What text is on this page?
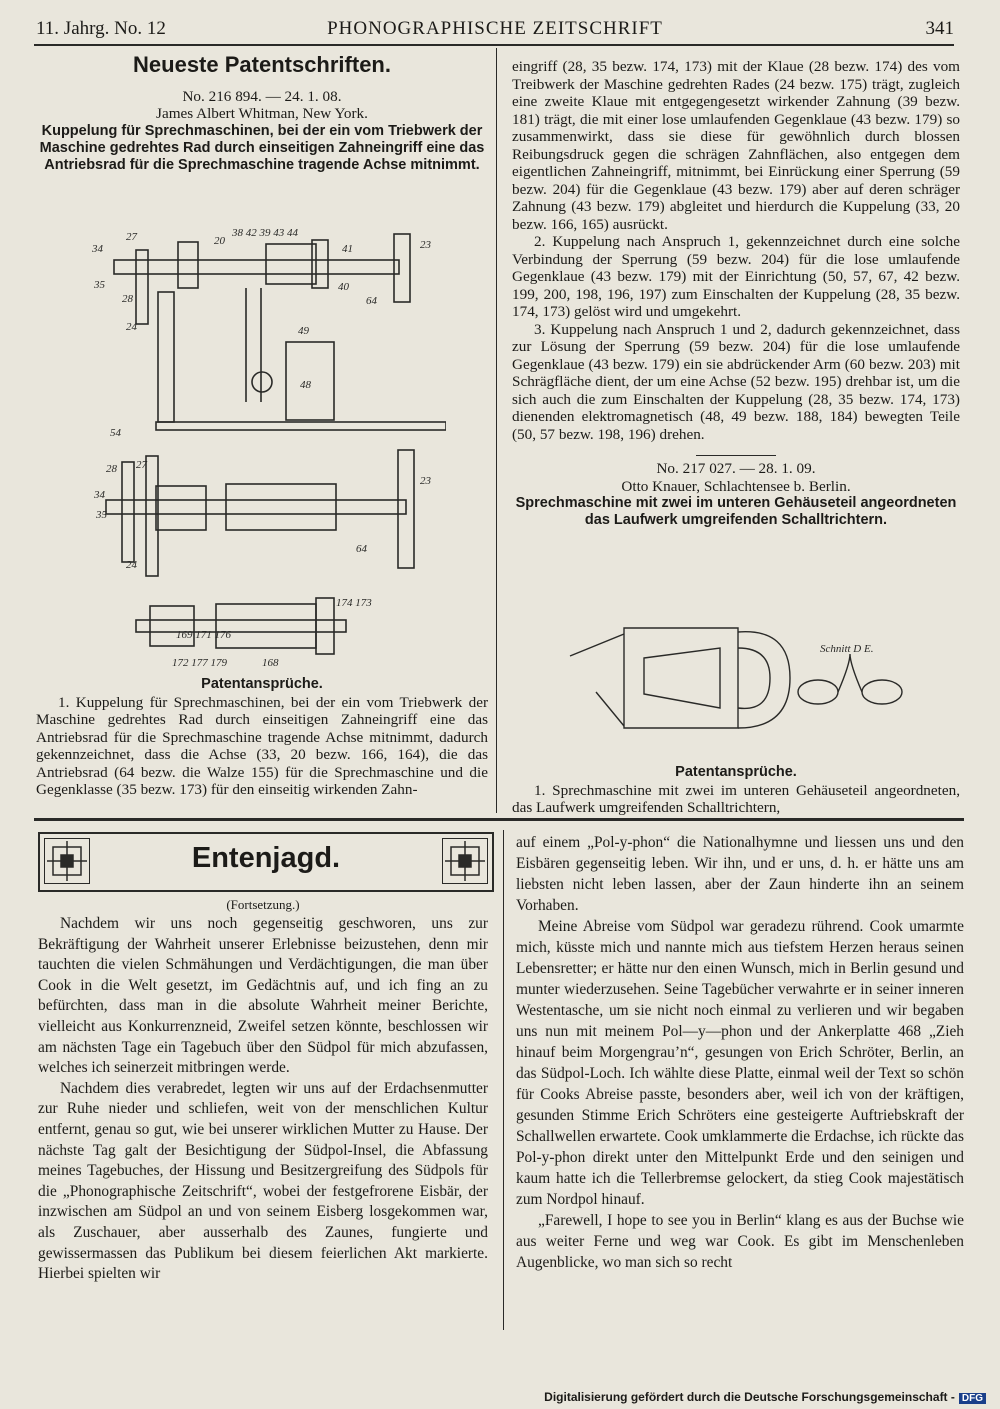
11. Jahrg. No. 12	PHONOGRAPHISCHE ZEITSCHRIFT	341
Neueste Patentschriften.
No. 216 894. — 24. 1. 08.
James Albert Whitman, New York.
Kuppelung für Sprechmaschinen, bei der ein vom Triebwerk der Maschine gedrehtes Rad durch einseitigen Zahneingriff eine das Antriebsrad für die Sprechmaschine tragende Achse mitnimmt.
34
27	20
38 42 39 43 44
41	23
35
28
40
64
24	49
48
54
28 27
23
34
35
24
64
169 171 176
174 173
172 177 179	168
Patentansprüche.

1. Kuppelung für Sprechmaschinen, bei der ein vom Triebwerk der Maschine gedrehtes Rad durch einseitigen Zahneingriff eine das Antriebsrad für die Sprechmaschine tragende Achse mitnimmt, dadurch gekennzeichnet, dass die Achse (33, 20 bezw. 166, 164), die das Antriebsrad (64 bezw. die Walze 155) für die Sprechmaschine und die Gegenklasse (35 bezw. 173) für den einseitig wirkenden Zahn-

eingriff (28, 35 bezw. 174, 173) mit der Klaue (28 bezw. 174) des vom Treibwerk der Maschine gedrehten Rades (24 bezw. 175) trägt, zugleich eine zweite Klaue mit entgegengesetzt wirkender Zahnung (39 bezw. 181) trägt, die mit einer lose umlaufenden Gegenklaue (43 bezw. 179) so zusammenwirkt, dass sie diese für gewöhnlich durch blossen Reibungsdruck gegen die schrägen Zahnflächen, also entgegen dem eigentlichen Zahneingriff, mitnimmt, bei Einrückung einer Sperrung (59 bezw. 204) für die Gegenklaue (43 bezw. 179) aber auf deren schräger Zahnung (43 bezw. 179) abgleitet und hierdurch die Kuppelung (33, 20 bezw. 166, 165) ausrückt.

2. Kuppelung nach Anspruch 1, gekennzeichnet durch eine solche Verbindung der Sperrung (59 bezw. 204) für die lose umlaufende Gegenklaue (43 bezw. 179) mit der Einrichtung (50, 57, 67, 42 bezw. 199, 200, 198, 196, 197) zum Einschalten der Kuppelung (28, 35 bezw. 174, 173) gelöst wird und umgekehrt.

3. Kuppelung nach Anspruch 1 und 2, dadurch gekennzeichnet, dass zur Lösung der Sperrung (59 bezw. 204) für die lose umlaufende Gegenklaue (43 bezw. 179) ein sie abdrückender Arm (60 bezw. 203) mit Schrägfläche dient, der um eine Achse (52 bezw. 195) drehbar ist, um die sich auch die zum Einschalten der Kuppelung (28, 35 bezw. 174, 173) dienenden elektromagnetisch (48, 49 bezw. 188, 184) bewegten Teile (50, 57 bezw. 198, 196) drehen.

No. 217 027. — 28. 1. 09.
Otto Knauer, Schlachtensee b. Berlin.
Sprechmaschine mit zwei im unteren Gehäuseteil angeordneten das Laufwerk umgreifenden Schalltrichtern.
Schnitt D E.
Patentansprüche.

1. Sprechmaschine mit zwei im unteren Gehäuseteil angeordneten, das Laufwerk umgreifenden Schalltrichtern,

Entenjagd.
(Fortsetzung.)

Nachdem wir uns noch gegenseitig geschworen, uns zur Bekräftigung der Wahrheit unserer Erlebnisse beizustehen, denn mir tauchten die vielen Schmähungen und Verdächtigungen, die man über Cook in die Welt gesetzt, im Gedächtnis auf, und ich fing an zu befürchten, dass man in die absolute Wahrheit meiner Berichte, vielleicht aus Konkurrenzneid, Zweifel setzen könnte, beschlossen wir am nächsten Tage ein Tagebuch über den Südpol für mich abzufassen, welches ich seinerzeit mitbringen werde.

Nachdem dies verabredet, legten wir uns auf der Erdachsenmutter zur Ruhe nieder und schliefen, weit von der menschlichen Kultur entfernt, genau so gut, wie bei unserer wirklichen Mutter zu Hause. Der nächste Tag galt der Besichtigung der Südpol-Insel, die Abfassung meines Tagebuches, der Hissung und Besitzergreifung des Südpols für die „Phonographische Zeitschrift“, wobei der festgefrorene Eisbär, der inzwischen am Südpol an und von seinem Eisberg losgekommen war, als Zuschauer, aber ausserhalb des Zaunes, fungierte und gewissermassen das Publikum bei diesem feierlichen Akt markierte. Hierbei spielten wir

auf einem „Pol-y-phon“ die Nationalhymne und liessen uns und den Eisbären gegenseitig leben. Wir ihn, und er uns, d. h. er hätte uns am liebsten nicht leben lassen, aber der Zaun hinderte ihn an seinem Vorhaben.

Meine Abreise vom Südpol war geradezu rührend. Cook umarmte mich, küsste mich und nannte mich aus tiefstem Herzen heraus seinen Lebensretter; er hätte nur den einen Wunsch, mich in Berlin gesund und munter wiederzusehen. Seine Tagebücher verwahrte er in seiner inneren Westentasche, um sie nicht noch einmal zu verlieren und wir begaben uns nun mit meinem Pol—y—phon und der Ankerplatte 468 „Zieh hinauf beim Morgengrau’n“, gesungen von Erich Schröter, Berlin, an das Südpol-Loch. Ich wählte diese Platte, einmal weil der Text so schön für Cooks Abreise passte, besonders aber, weil ich von der kräftigen, gesunden Stimme Erich Schröters eine gesteigerte Auftriebskraft der Schallwellen erwartete. Cook umklammerte die Erdachse, ich rückte das Pol-y-phon direkt unter den Mittelpunkt Erde und den seinigen und kaum hatte ich die Tellerbremse gelockert, da stieg Cook majestätisch zum Nordpol hinauf.

„Farewell, I hope to see you in Berlin“ klang es aus der Buchse wie aus weiter Ferne und weg war Cook. Es gibt im Menschenleben Augenblicke, wo man sich so recht

Digitalisierung gefördert durch die Deutsche Forschungsgemeinschaft - DFG
